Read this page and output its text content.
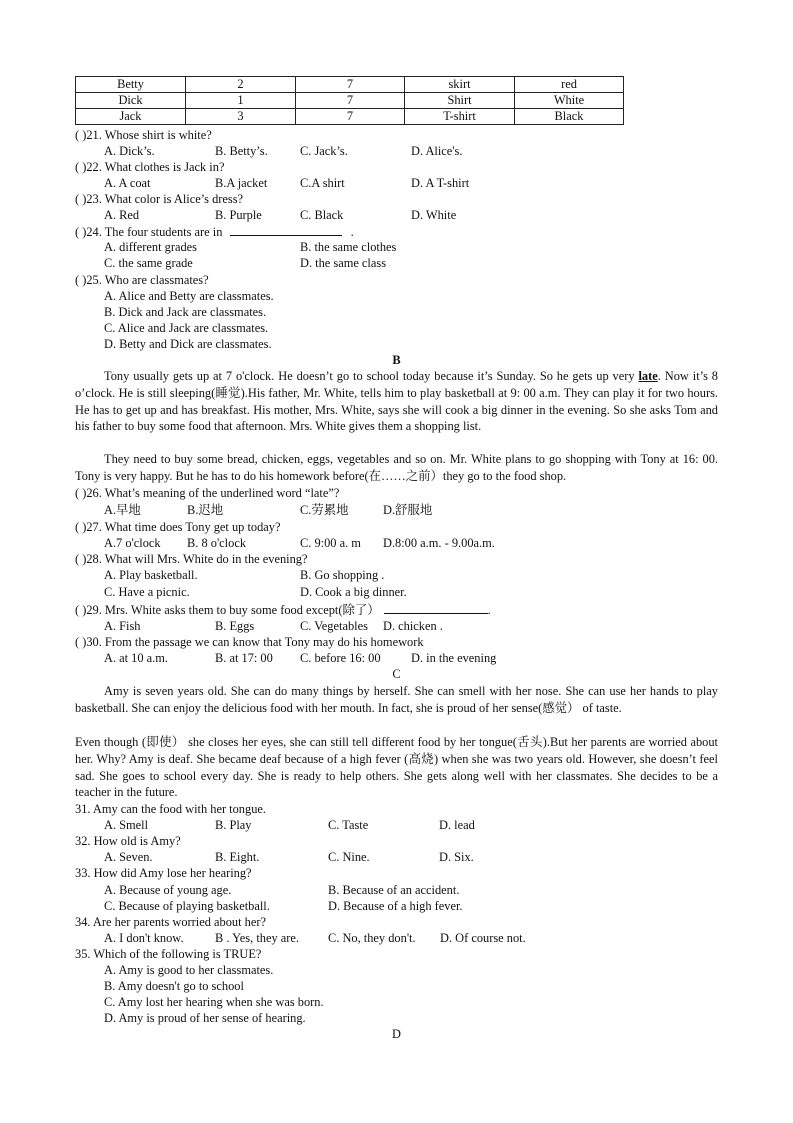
Betty	2	7	skirt	red
Dick	1	7	Shirt	White
Jack	3	7	T-shirt	Black
( )21. Whose shirt is white?
A. Dick’s.	B. Betty’s.	C. Jack’s.	D. Alice's.
( )22. What clothes is Jack in?
A. A coat	B.A jacket	C.A shirt	D. A T-shirt
( )23. What color is Alice’s dress?
A. Red	B. Purple	C. Black	D. White
( )24. The four students are in	.
A. different grades	B. the same clothes
C. the same grade	D. the same class
( )25. Who are classmates?
A. Alice and Betty are classmates.
B. Dick and Jack are classmates.
C. Alice and Jack are classmates.
D. Betty and Dick are classmates.
B
Tony usually gets up at 7 o'clock. He doesn’t go to school today because it’s Sunday. So he gets up very late. Now it’s 8 o’clock. He is still sleeping(睡觉).His father, Mr. White, tells him to play basketball at 9: 00 a.m. They can play it for two hours. He has to get up and has breakfast. His mother, Mrs. White, says she will cook a big dinner in the evening. So she asks Tom and his father to buy some food that afternoon. Mrs. White gives them a shopping list.
They need to buy some bread, chicken, eggs, vegetables and so on. Mr. White plans to go shopping with Tony at 16: 00. Tony is very happy. But he has to do his homework before(在……之前）they go to the food shop.
( )26. What’s meaning of the underlined word “late”?
A.早地	B.迟地	C.劳累地	D.舒服地
( )27. What time does Tony get up today?
A.7 o'clock B. 8 o'clock	C. 9:00 a. m D.8:00 a.m. - 9.00a.m.
( )28. What will Mrs. White do in the evening?
A. Play basketball.	B. Go shopping .
C. Have a picnic.	D. Cook a big dinner.
( )29. Mrs. White asks them to buy some food except(除了）	.
A. Fish	B. Eggs	C. Vegetables D. chicken .
( )30. From the passage we can know that Tony may do his homework
A. at 10 a.m.	B. at 17: 00 C. before 16: 00 D. in the evening
C
Amy is seven years old. She can do many things by herself. She can smell with her nose. She can use her hands to play basketball. She can enjoy the delicious food with her mouth. In fact, she is proud of her sense(感觉） of taste.
Even though (即使） she closes her eyes, she can still tell different food by her tongue(舌头).But her parents are worried about her. Why? Amy is deaf. She became deaf because of a high fever (高烧) when she was two years old. However, she doesn’t feel sad. She goes to school every day. She is ready to help others. She gets along well with her classmates. She decides to be a teacher in the future.
31. Amy can the food with her tongue.
A. Smell	B. Play	C. Taste	D. lead
32. How old is Amy?
A. Seven.	B. Eight.	C. Nine.	D. Six.
33. How did Amy lose her hearing?
A. Because of young age.	B. Because of an accident.
C. Because of playing basketball.	D. Because of a high fever.
34. Are her parents worried about her?
A. I don't know.	B . Yes, they are. C. No, they don't. D. Of course not.
35. Which of the following is TRUE?
A. Amy is good to her classmates.
B. Amy doesn't go to school
C. Amy lost her hearing when she was born.
D. Amy is proud of her sense of hearing.
D
